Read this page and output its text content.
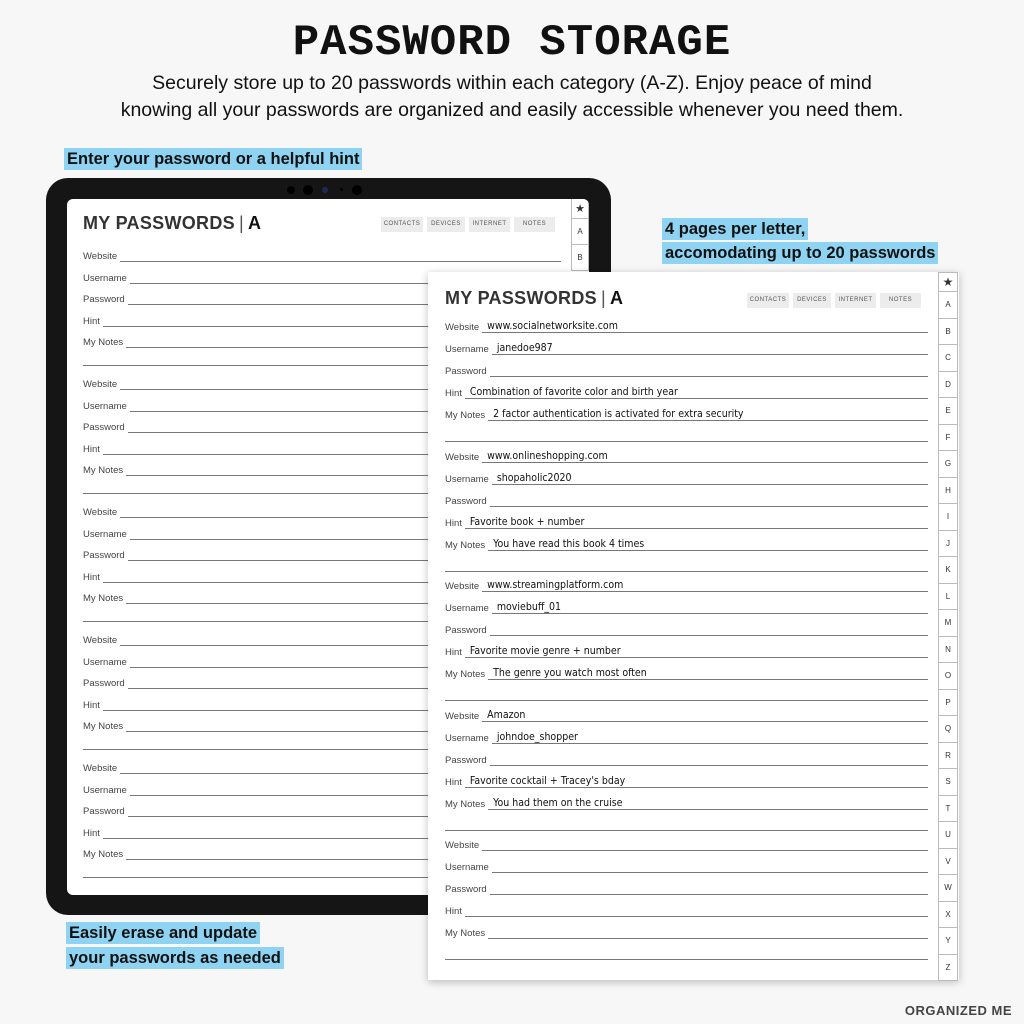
PASSWORD STORAGE
Securely store up to 20 passwords within each category (A-Z). Enjoy peace of mind
knowing all your passwords are organized and easily accessible whenever you need them.
Enter your password or a helpful hint
4 pages per letter,
accomodating up to 20 passwords
Easily erase and update
your passwords as needed
MY PASSWORDS | A	CONTACTS	DEVICES	INTERNET	NOTES
★
A
B
Website
Username
Password
Hint
My Notes
Website
Username
Password
Hint
My Notes
Website
Username
Password
Hint
My Notes
Website
Username
Password
Hint
My Notes
Website
Username
Password
Hint
My Notes
MY PASSWORDS | A	CONTACTS	DEVICES	INTERNET	NOTES
★
A
B
C
D
E
F
G
H
I
J
K
L
M
N
O
P
Q
R
S
T
U
V
W
X
Y
Z
Website www.socialnetworksite.com
Username janedoe987
Password
Hint Combination of favorite color and birth year
My Notes 2 factor authentication is activated for extra security
Website www.onlineshopping.com
Username shopaholic2020
Password
Hint Favorite book + number
My Notes You have read this book 4 times
Website www.streamingplatform.com
Username moviebuff_01
Password
Hint Favorite movie genre + number
My Notes The genre you watch most often
Website Amazon
Username johndoe_shopper
Password
Hint Favorite cocktail + Tracey's bday
My Notes You had them on the cruise
Website
Username
Password
Hint
My Notes
ORGANIZED ME
